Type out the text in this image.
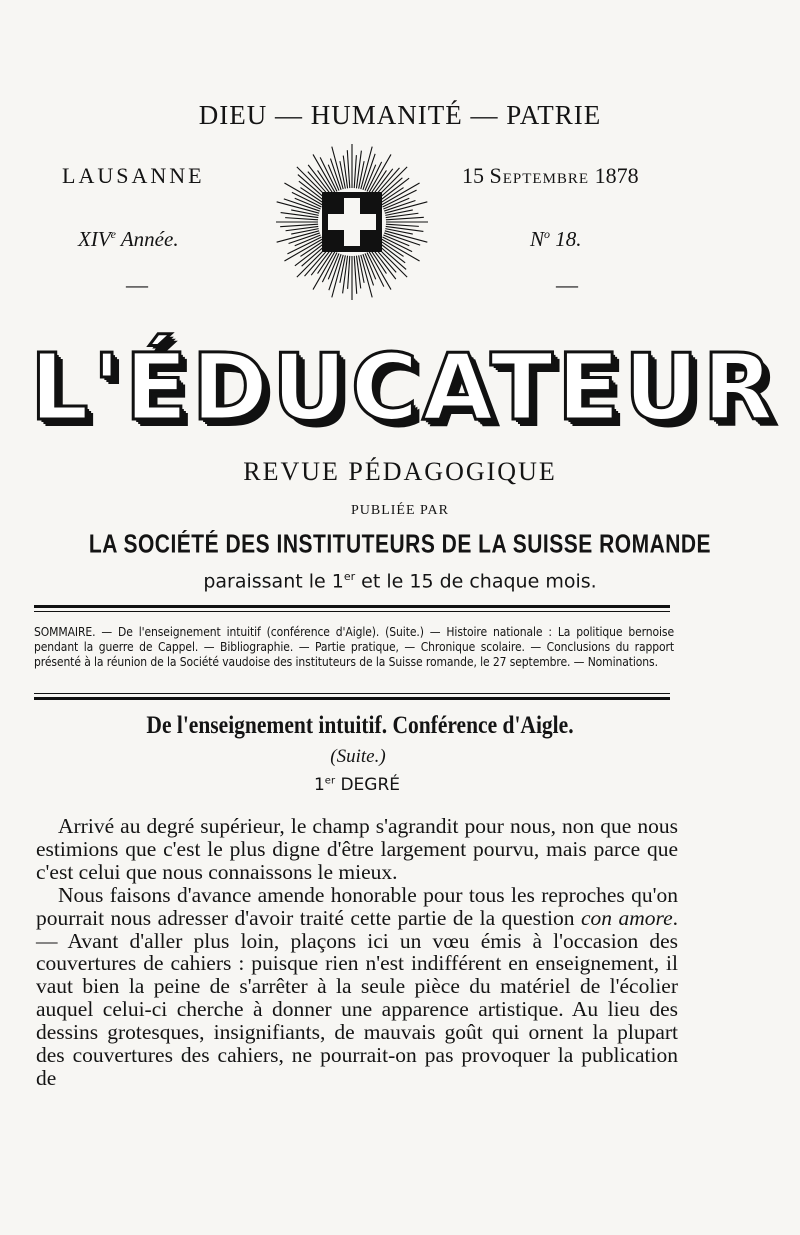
DIEU — HUMANITÉ — PATRIE
LAUSANNE
XIVe Année.
—
15 Septembre 1878
$N^o$ 18.
—
L'ÉDUCATEUR
REVUE PÉDAGOGIQUE
PUBLIÉE PAR
LA SOCIÉTÉ DES INSTITUTEURS DE LA SUISSE ROMANDE
paraissant le 1er et le 15 de chaque mois.
SOMMAIRE. — De l'enseignement intuitif (conférence d'Aigle). (Suite.) — Histoire nationale : La politique bernoise pendant la guerre de Cappel. — Bibliographie. — Partie pratique, — Chronique scolaire. — Conclusions du rapport présenté à la réunion de la Société vaudoise des instituteurs de la Suisse romande, le 27 septembre. — Nominations.
De l'enseignement intuitif. Conférence d'Aigle.
(Suite.)
1er DEGRÉ

Arrivé au degré supérieur, le champ s'agrandit pour nous, non que nous estimions que c'est le plus digne d'être largement pourvu, mais parce que c'est celui que nous connaissons le mieux.

Nous faisons d'avance amende honorable pour tous les reproches qu'on pourrait nous adresser d'avoir traité cette partie de la question con amore. — Avant d'aller plus loin, plaçons ici un vœu émis à l'occasion des couvertures de cahiers : puisque rien n'est indifférent en enseignement, il vaut bien la peine de s'arrêter à la seule pièce du matériel de l'écolier auquel celui-ci cherche à donner une apparence artistique. Au lieu des dessins grotesques, insignifiants, de mauvais goût qui ornent la plupart des couvertures des cahiers, ne pourrait-on pas provoquer la publication de
